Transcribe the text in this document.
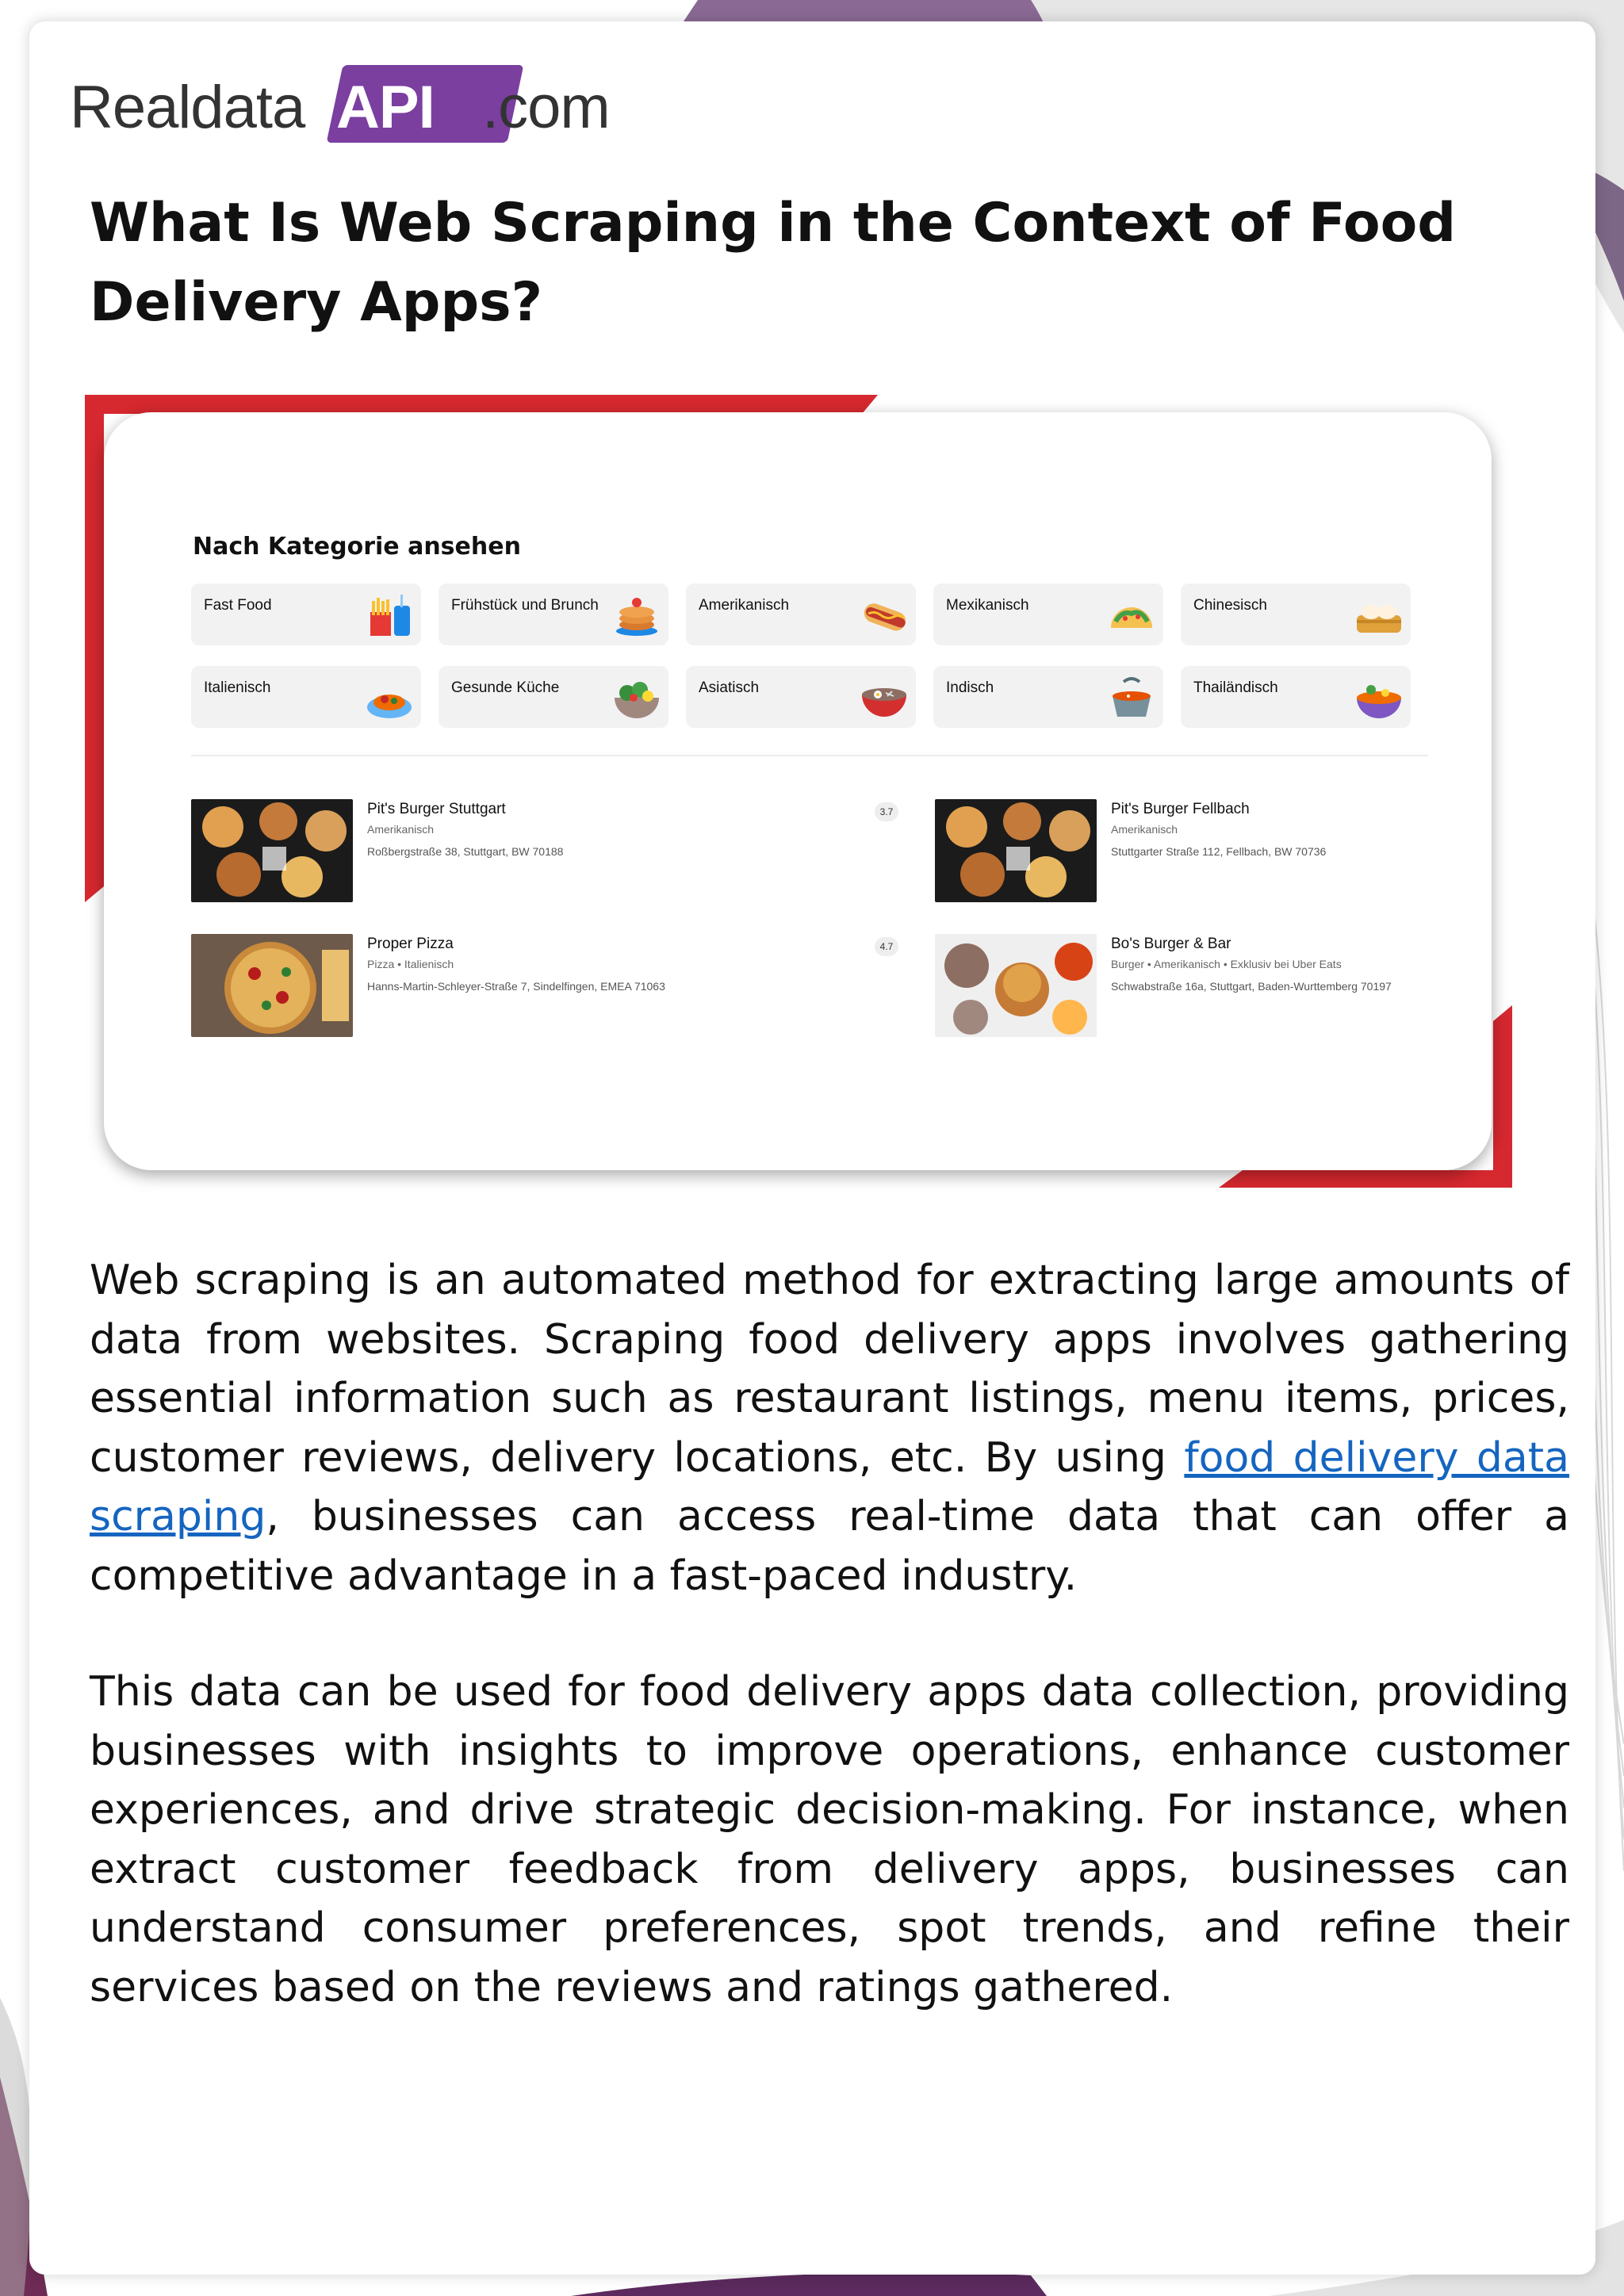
Realdata API .com
What Is Web Scraping in the Context of Food Delivery Apps?
Nach Kategorie ansehen
Fast Food	Frühstück und Brunch	Amerikanisch	Mexikanisch	Chinesisch
Italienisch	Gesunde Küche	Asiatisch	Indisch	Thailändisch
Pit's Burger Stuttgart
Amerikanisch
Roßbergstraße 38, Stuttgart, BW 70188
3.7	Pit's Burger Fellbach
Amerikanisch
Stuttgarter Straße 112, Fellbach, BW 70736
Proper Pizza
Pizza • Italienisch
Hanns-Martin-Schleyer-Straße 7, Sindelfingen, EMEA 71063
4.7	Bo's Burger & Bar
Burger • Amerikanisch • Exklusiv bei Uber Eats
Schwabstraße 16a, Stuttgart, Baden-Wurttemberg 70197

Web scraping is an automated method for extracting large amounts of data from websites. Scraping food delivery apps involves gathering essential information such as restaurant listings, menu items, prices, customer reviews, delivery locations, etc. By using food delivery data scraping, businesses can access real-time data that can offer a competitive advantage in a fast-paced industry.

This data can be used for food delivery apps data collection, providing businesses with insights to improve operations, enhance customer experiences, and drive strategic decision-making. For instance, when extract customer feedback from delivery apps, businesses can understand consumer preferences, spot trends, and refine their services based on the reviews and ratings gathered.
